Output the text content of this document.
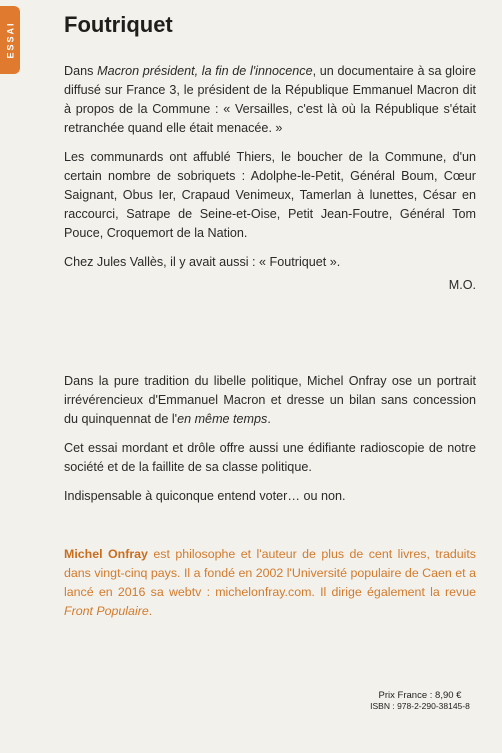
ESSAI Foutriquet

Dans Macron président, la fin de l'innocence, un documentaire à sa gloire diffusé sur France 3, le président de la République Emmanuel Macron dit à propos de la Commune : « Versailles, c'est là où la République s'était retranchée quand elle était menacée. »

Les communards ont affublé Thiers, le boucher de la Commune, d'un certain nombre de sobriquets : Adolphe-le-Petit, Général Boum, Cœur Saignant, Obus Ier, Crapaud Venimeux, Tamerlan à lunettes, César en raccourci, Satrape de Seine-et-Oise, Petit Jean-Foutre, Général Tom Pouce, Croquemort de la Nation.

Chez Jules Vallès, il y avait aussi : « Foutriquet ».

M.O.

Dans la pure tradition du libelle politique, Michel Onfray ose un portrait irrévérencieux d'Emmanuel Macron et dresse un bilan sans concession du quinquennat de l'en même temps.

Cet essai mordant et drôle offre aussi une édifiante radioscopie de notre société et de la faillite de sa classe politique.

Indispensable à quiconque entend voter… ou non.

Michel Onfray est philosophe et l'auteur de plus de cent livres, traduits dans vingt-cinq pays. Il a fondé en 2002 l'Université populaire de Caen et a lancé en 2016 sa webtv : michelonfray.com. Il dirige également la revue Front Populaire.
Prix France : 8,90 €
ISBN : 978-2-290-38145-8
